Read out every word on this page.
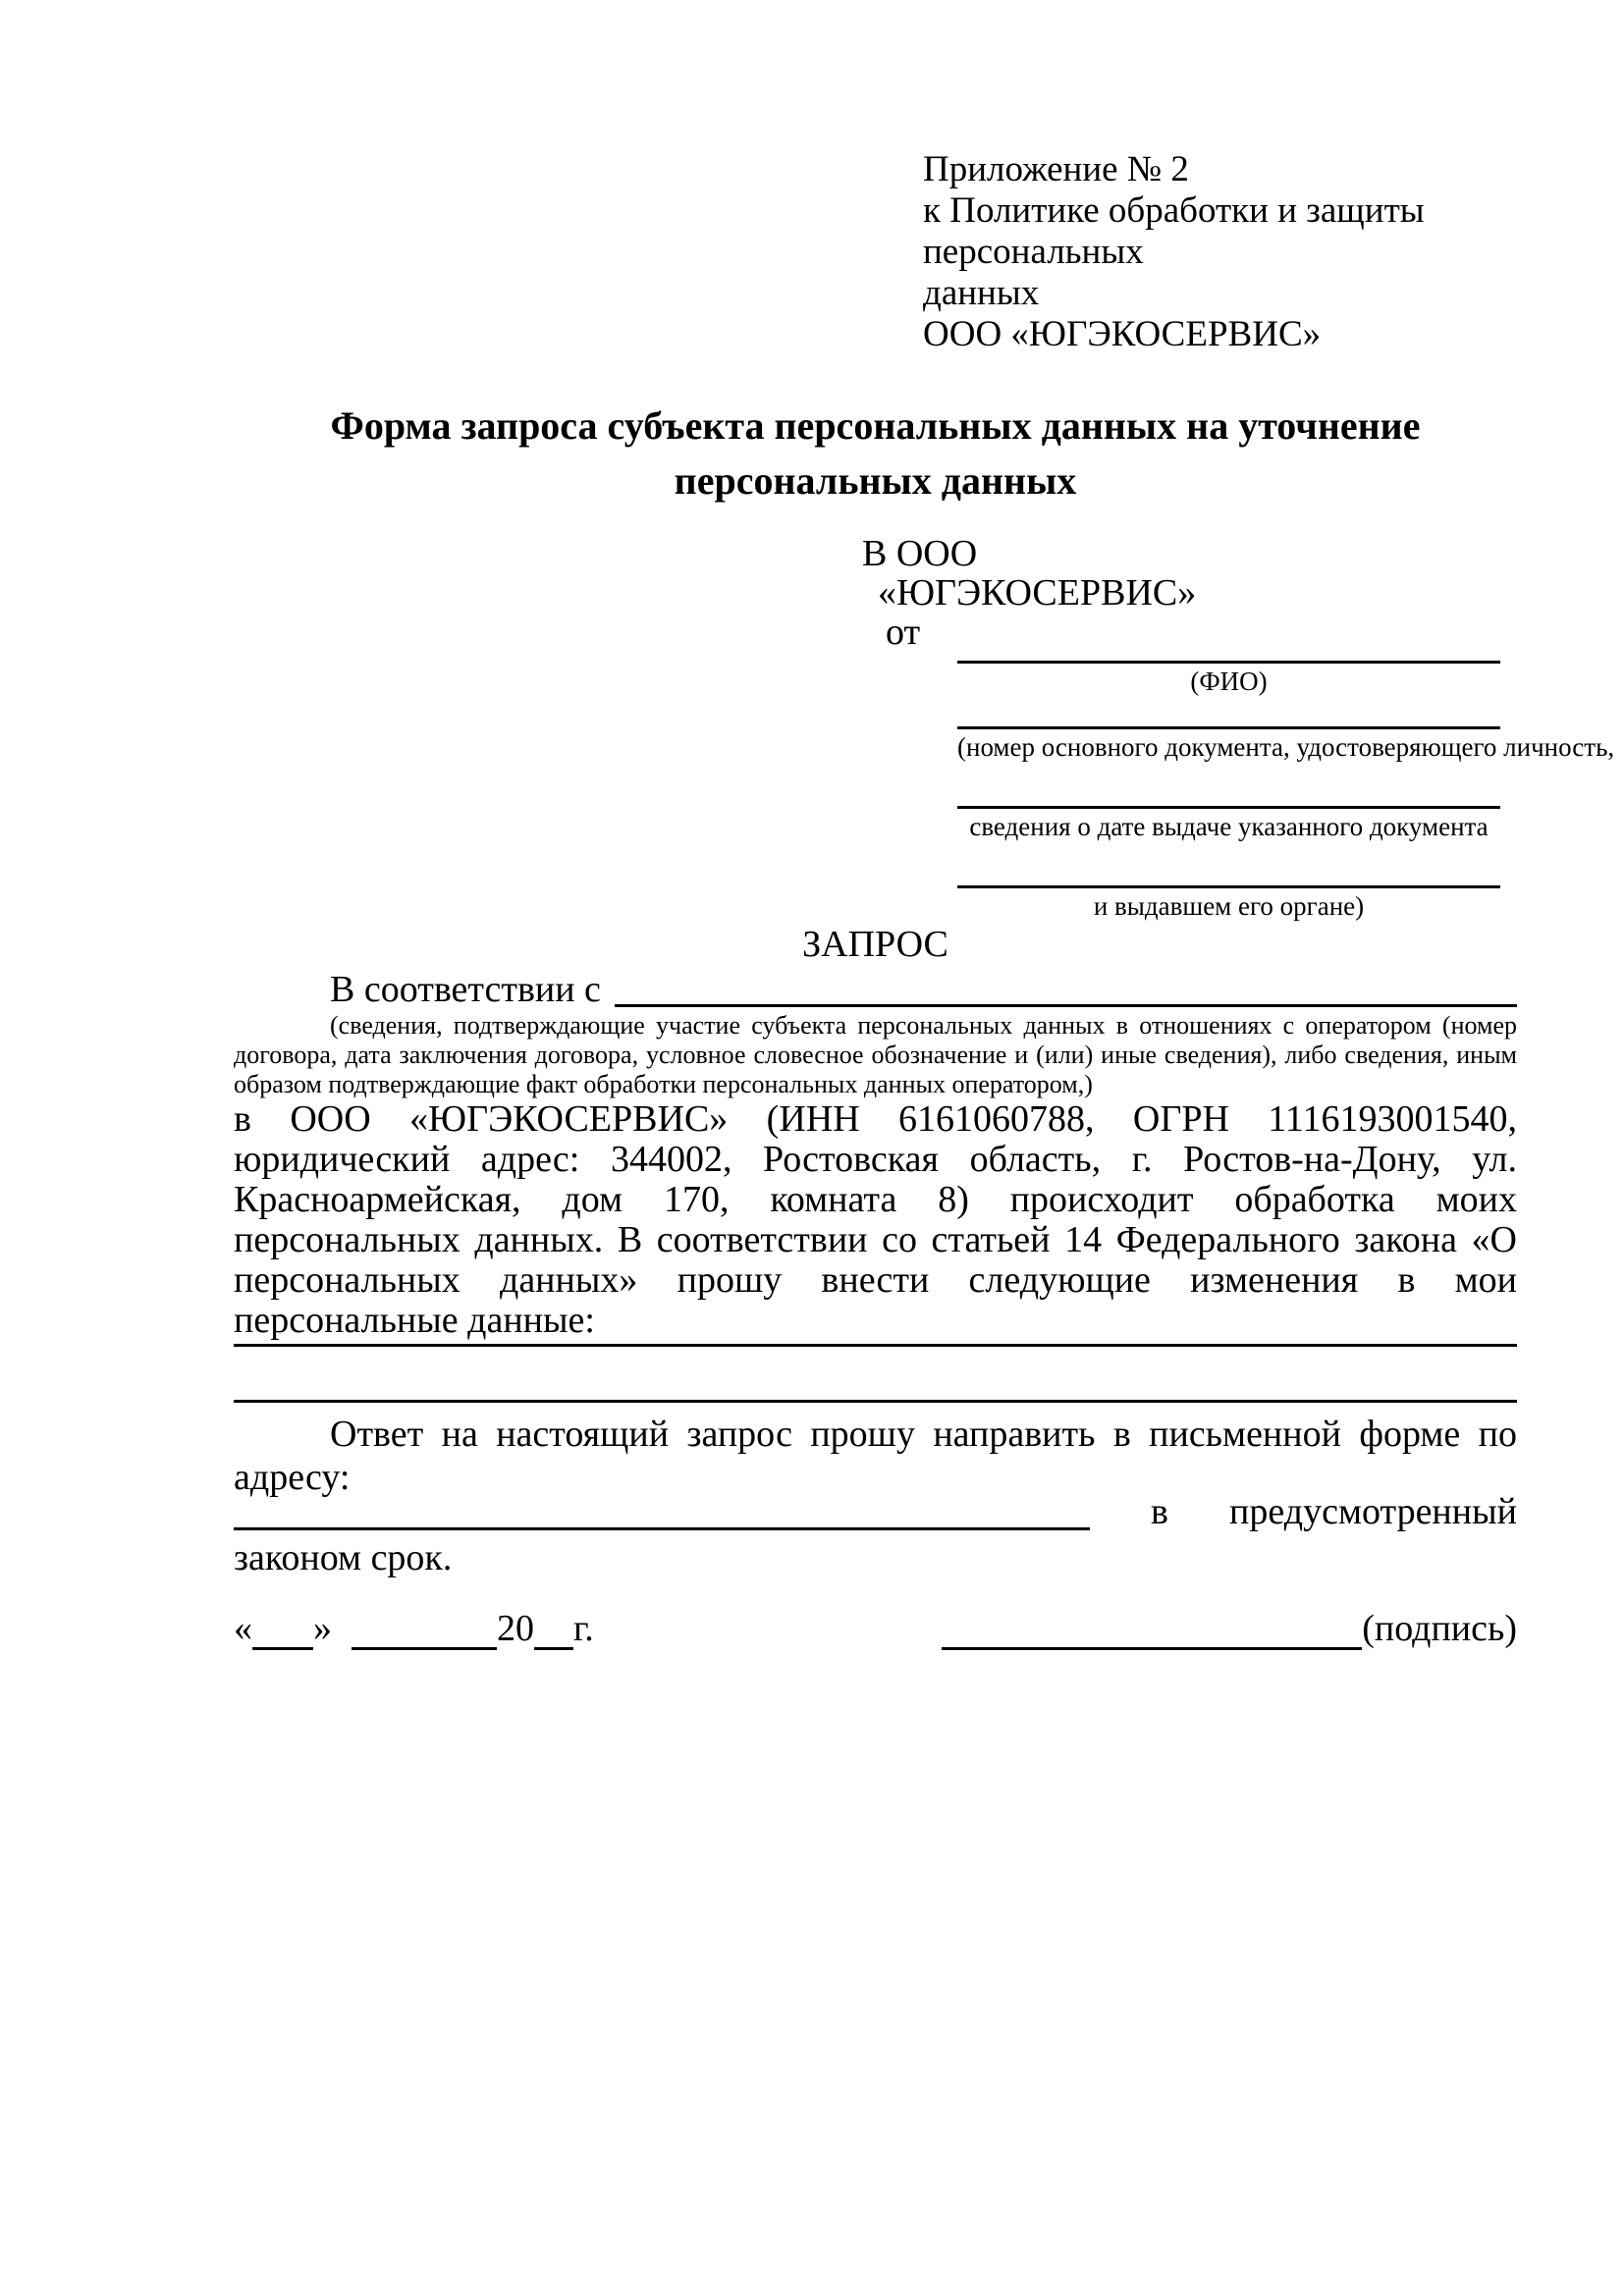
Приложение № 2
к Политике обработки и защиты персональных
данных
ООО «ЮГЭКОСЕРВИС»
Форма запроса субъекта персональных данных на уточнение персональных данных
В ООО
«ЮГЭКОСЕРВИС»
от
(ФИО)
(номер основного документа, удостоверяющего личность,
сведения о дате выдаче указанного документа
и выдавшем его органе)
ЗАПРОС
В соответствии с
(сведения, подтверждающие участие субъекта персональных данных в отношениях с оператором (номер договора, дата заключения договора, условное словесное обозначение и (или) иные сведения), либо сведения, иным образом подтверждающие факт обработки персональных данных оператором,)
в ООО «ЮГЭКОСЕРВИС» (ИНН 6161060788, ОГРН 1116193001540, юридический адрес: 344002, Ростовская область, г. Ростов-на-Дону, ул. Красноармейская, дом 170, комната 8) происходит обработка моих персональных данных. В соответствии со статьей 14 Федерального закона «О персональных данных» прошу внести следующие изменения в мои персональные данные:
Ответ на настоящий запрос прошу направить в письменной форме по адресу:
в предусмотренный
законом срок.
« »	20 г.	(подпись)
